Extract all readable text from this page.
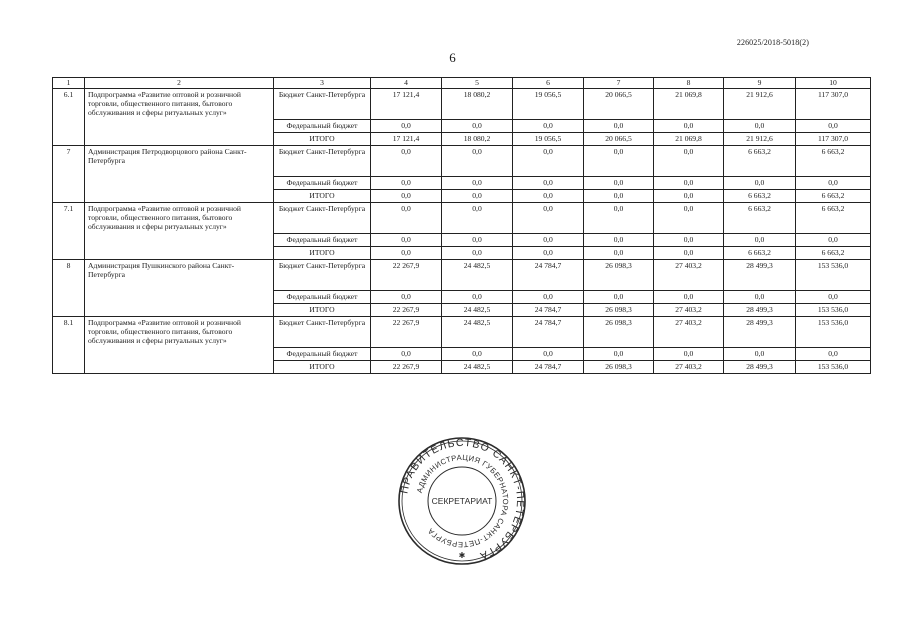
226025/2018-5018(2)
6
1	2	3	4	5	6	7	8	9	10
6.1	Подпрограмма «Развитие оптовой и розничной торговли, общественного питания, бытового обслуживания и сферы ритуальных услуг»	Бюджет Санкт-Петербурга	17 121,4	18 080,2	19 056,5	20 066,5	21 069,8	21 912,6	117 307,0
		Федеральный бюджет	0,0	0,0	0,0	0,0	0,0	0,0	0,0
		ИТОГО	17 121,4	18 080,2	19 056,5	20 066,5	21 069,8	21 912,6	117 307,0
7	Администрация Петродворцового района Санкт-Петербурга	Бюджет Санкт-Петербурга	0,0	0,0	0,0	0,0	0,0	6 663,2	6 663,2
		Федеральный бюджет	0,0	0,0	0,0	0,0	0,0	0,0	0,0
		ИТОГО	0,0	0,0	0,0	0,0	0,0	6 663,2	6 663,2
7.1	Подпрограмма «Развитие оптовой и розничной торговли, общественного питания, бытового обслуживания и сферы ритуальных услуг»	Бюджет Санкт-Петербурга	0,0	0,0	0,0	0,0	0,0	6 663,2	6 663,2
		Федеральный бюджет	0,0	0,0	0,0	0,0	0,0	0,0	0,0
		ИТОГО	0,0	0,0	0,0	0,0	0,0	6 663,2	6 663,2
8	Администрация Пушкинского района Санкт-Петербурга	Бюджет Санкт-Петербурга	22 267,9	24 482,5	24 784,7	26 098,3	27 403,2	28 499,3	153 536,0
		Федеральный бюджет	0,0	0,0	0,0	0,0	0,0	0,0	0,0
		ИТОГО	22 267,9	24 482,5	24 784,7	26 098,3	27 403,2	28 499,3	153 536,0
8.1	Подпрограмма «Развитие оптовой и розничной торговли, общественного питания, бытового обслуживания и сферы ритуальных услуг»	Бюджет Санкт-Петербурга	22 267,9	24 482,5	24 784,7	26 098,3	27 403,2	28 499,3	153 536,0
		Федеральный бюджет	0,0	0,0	0,0	0,0	0,0	0,0	0,0
		ИТОГО	22 267,9	24 482,5	24 784,7	26 098,3	27 403,2	28 499,3	153 536,0
ПРАВИТЕЛЬСТВО САНКТ-ПЕТЕРБУРГА
АДМИНИСТРАЦИЯ ГУБЕРНАТОРА САНКТ-ПЕТЕРБУРГА
СЕКРЕТАРИАТ
✱
